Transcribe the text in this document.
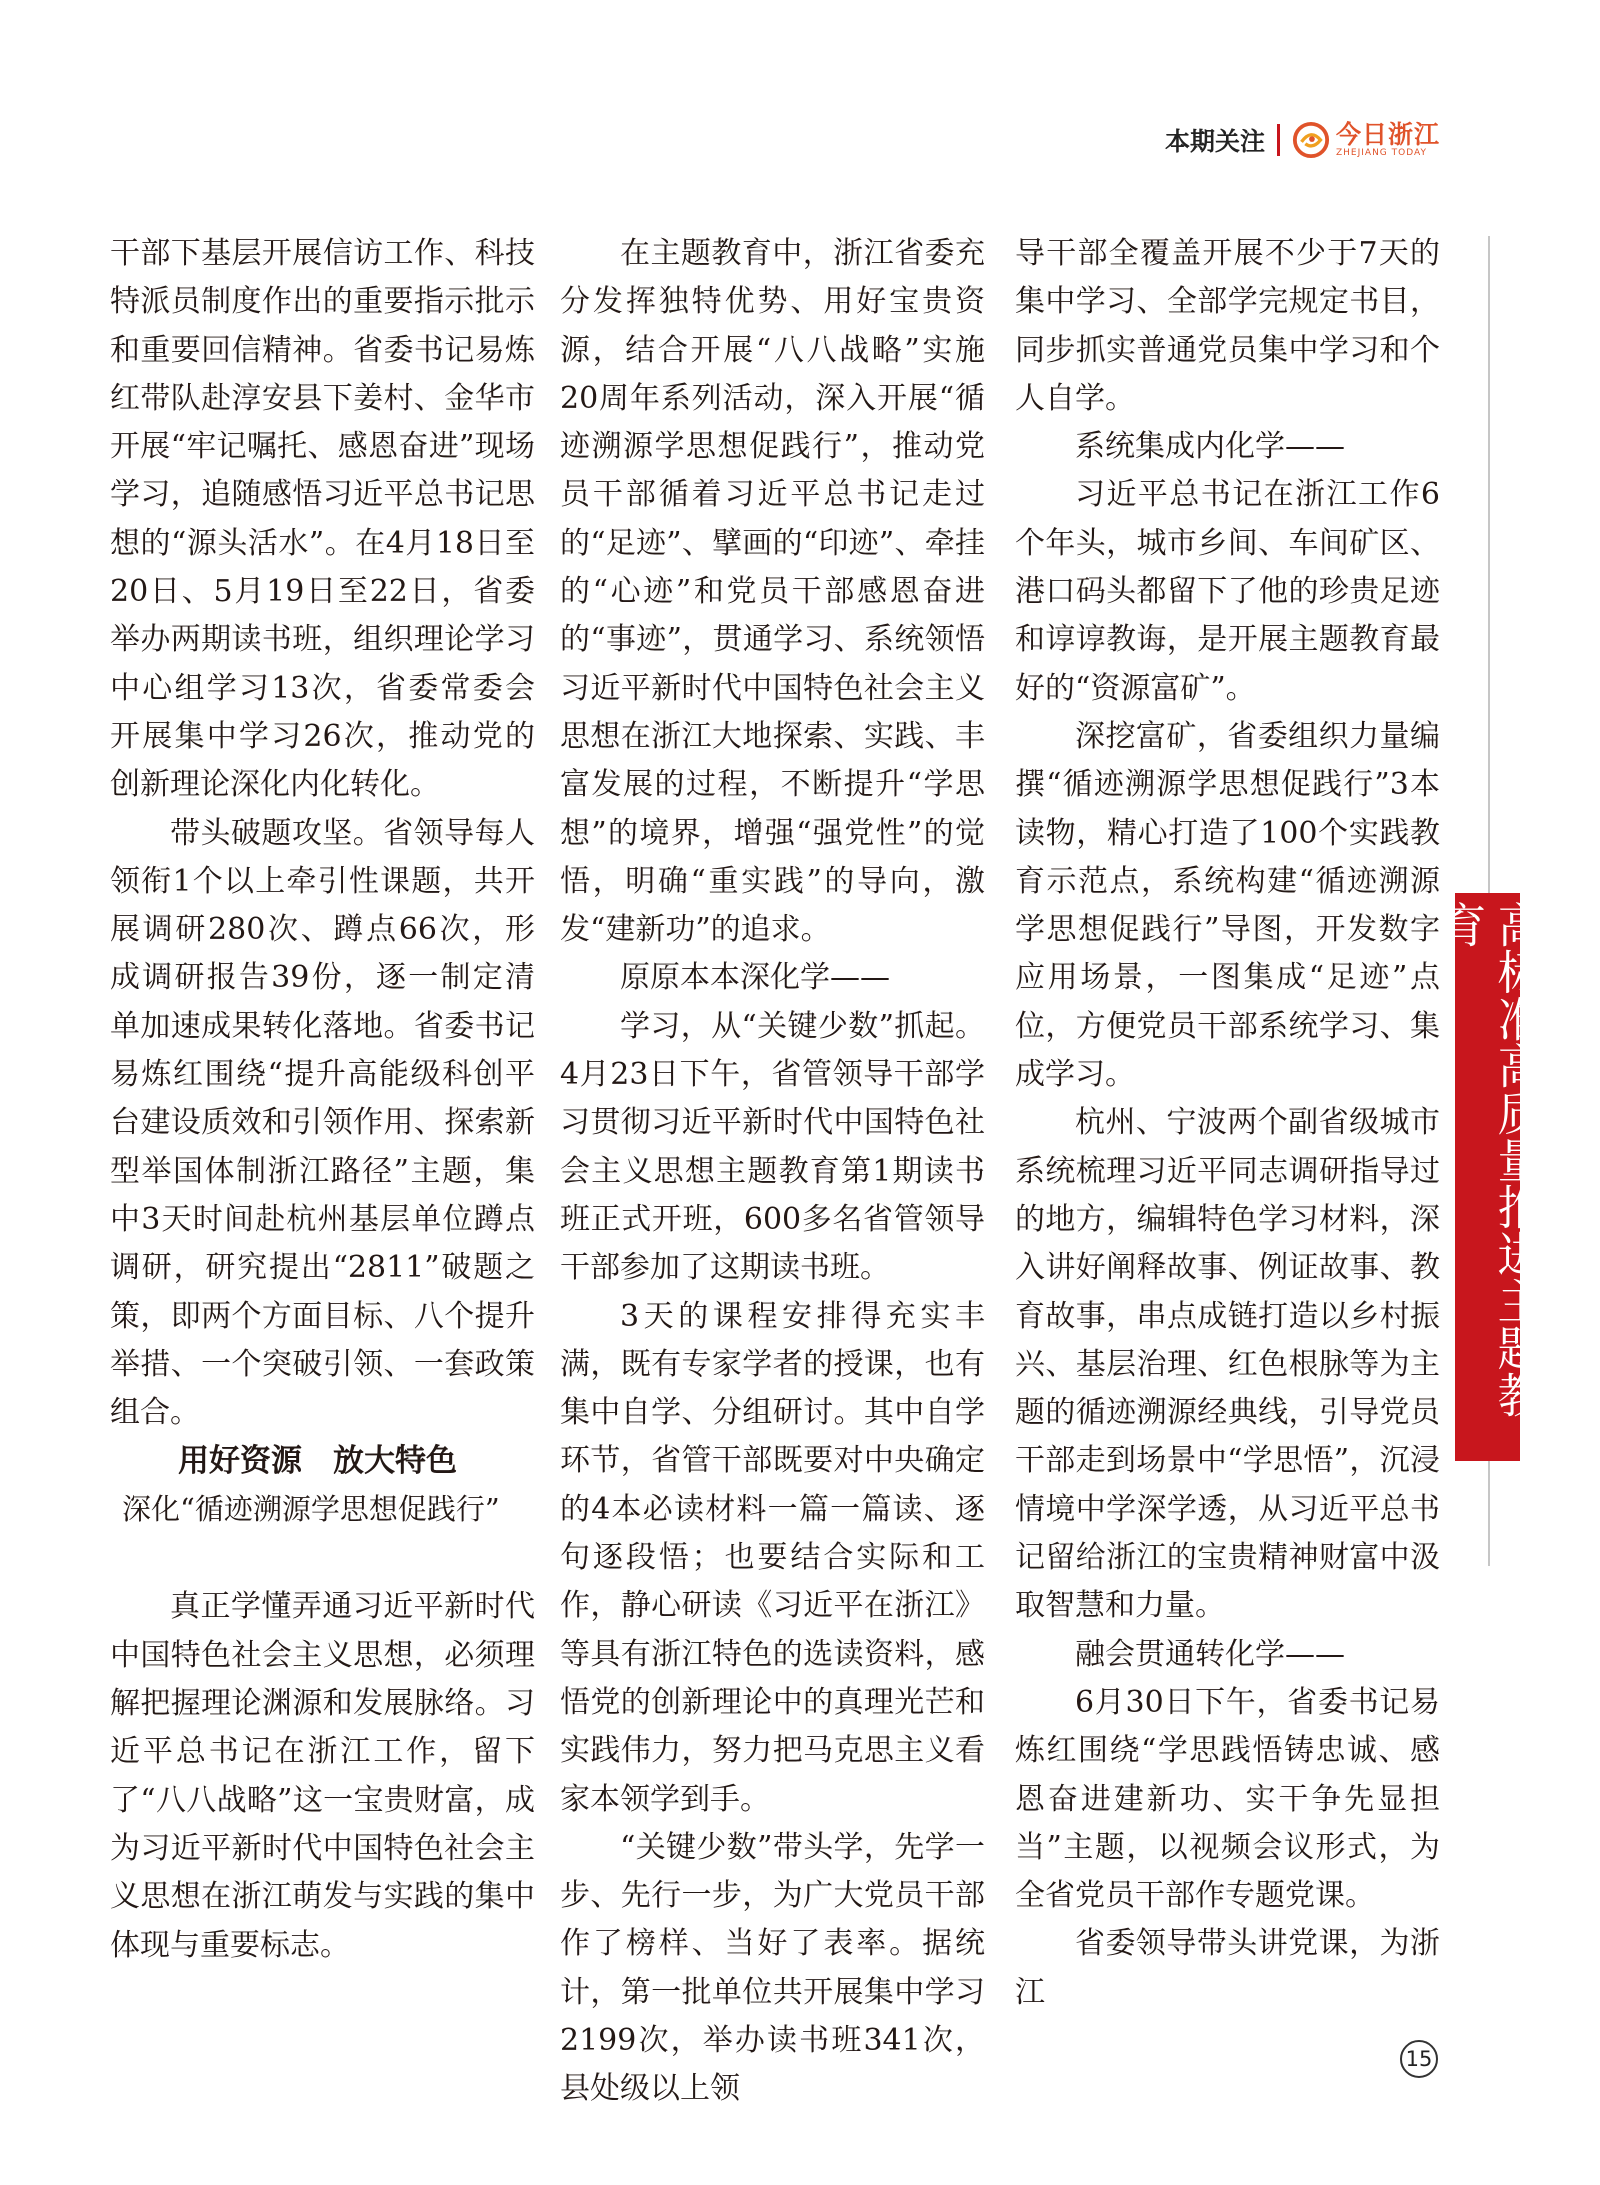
本期关注	今日浙江
ZHEJIANG TODAY

干部下基层开展信访工作、科技特派员制度作出的重要指示批示和重要回信精神。省委书记易炼红带队赴淳安县下姜村、金华市开展“牢记嘱托、感恩奋进”现场学习，追随感悟习近平总书记思想的“源头活水”。在4月18日至20日、5月19日至22日，省委举办两期读书班，组织理论学习中心组学习13次，省委常委会开展集中学习26次，推动党的创新理论深化内化转化。

带头破题攻坚。省领导每人领衔1个以上牵引性课题，共开展调研280次、蹲点66次，形成调研报告39份，逐一制定清单加速成果转化落地。省委书记易炼红围绕“提升高能级科创平台建设质效和引领作用、探索新型举国体制浙江路径”主题，集中3天时间赴杭州基层单位蹲点调研，研究提出“2811”破题之策，即两个方面目标、八个提升举措、一个突破引领、一套政策组合。

用好资源　放大特色

深化“循迹溯源学思想促践行”

真正学懂弄通习近平新时代中国特色社会主义思想，必须理解把握理论渊源和发展脉络。习近平总书记在浙江工作，留下了“八八战略”这一宝贵财富，成为习近平新时代中国特色社会主义思想在浙江萌发与实践的集中体现与重要标志。

在主题教育中，浙江省委充分发挥独特优势、用好宝贵资源，结合开展“八八战略”实施20周年系列活动，深入开展“循迹溯源学思想促践行”，推动党员干部循着习近平总书记走过的“足迹”、擘画的“印迹”、牵挂的“心迹”和党员干部感恩奋进的“事迹”，贯通学习、系统领悟习近平新时代中国特色社会主义思想在浙江大地探索、实践、丰富发展的过程，不断提升“学思想”的境界，增强“强党性”的觉悟，明确“重实践”的导向，激发“建新功”的追求。

原原本本深化学——

学习，从“关键少数”抓起。4月23日下午，省管领导干部学习贯彻习近平新时代中国特色社会主义思想主题教育第1期读书班正式开班，600多名省管领导干部参加了这期读书班。

3天的课程安排得充实丰满，既有专家学者的授课，也有集中自学、分组研讨。其中自学环节，省管干部既要对中央确定的4本必读材料一篇一篇读、逐句逐段悟；也要结合实际和工作，静心研读《习近平在浙江》等具有浙江特色的选读资料，感悟党的创新理论中的真理光芒和实践伟力，努力把马克思主义看家本领学到手。

“关键少数”带头学，先学一步、先行一步，为广大党员干部作了榜样、当好了表率。据统计，第一批单位共开展集中学习2199次，举办读书班341次，县处级以上领

导干部全覆盖开展不少于7天的集中学习、全部学完规定书目，同步抓实普通党员集中学习和个人自学。

系统集成内化学——

习近平总书记在浙江工作6个年头，城市乡间、车间矿区、港口码头都留下了他的珍贵足迹和谆谆教诲，是开展主题教育最好的“资源富矿”。

深挖富矿，省委组织力量编撰“循迹溯源学思想促践行”3本读物，精心打造了100个实践教育示范点，系统构建“循迹溯源学思想促践行”导图，开发数字应用场景，一图集成“足迹”点位，方便党员干部系统学习、集成学习。

杭州、宁波两个副省级城市系统梳理习近平同志调研指导过的地方，编辑特色学习材料，深入讲好阐释故事、例证故事、教育故事，串点成链打造以乡村振兴、基层治理、红色根脉等为主题的循迹溯源经典线，引导党员干部走到场景中“学思悟”，沉浸情境中学深学透，从习近平总书记留给浙江的宝贵精神财富中汲取智慧和力量。

融会贯通转化学——

6月30日下午，省委书记易炼红围绕“学思践悟铸忠诚、感恩奋进建新功、实干争先显担当”主题，以视频会议形式，为全省党员干部作专题党课。

省委领导带头讲党课，为浙江

高标准高质量推进主题教育
15
